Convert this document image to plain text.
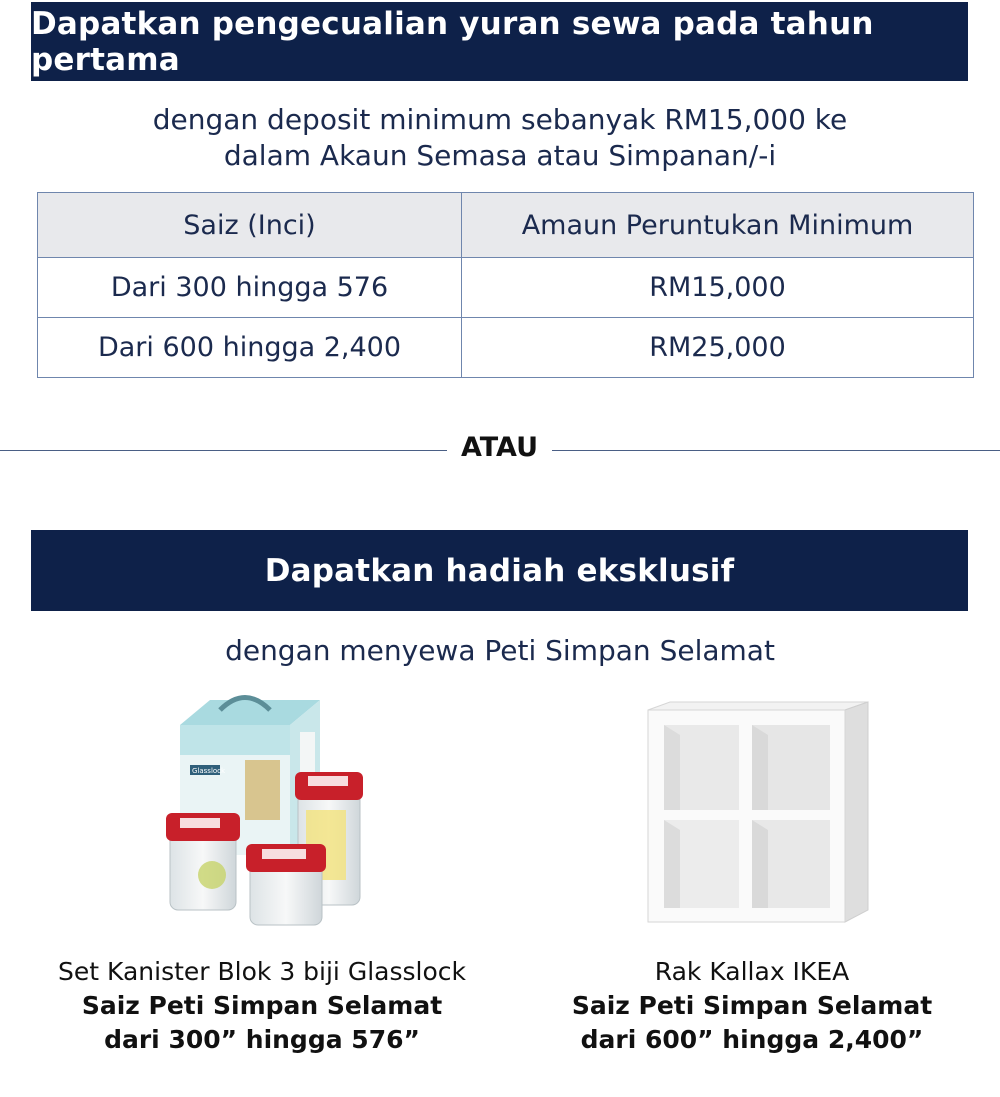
Dapatkan pengecualian yuran sewa pada tahun pertama
dengan deposit minimum sebanyak RM15,000 ke
dalam Akaun Semasa atau Simpanan/-i
Saiz (Inci)	Amaun Peruntukan Minimum
Dari 300 hingga 576	RM15,000
Dari 600 hingga 2,400	RM25,000
ATAU
Dapatkan hadiah eksklusif
dengan menyewa Peti Simpan Selamat
Glasslock
Set Kanister Blok 3 biji Glasslock
Saiz Peti Simpan Selamat
dari 300” hingga 576”
Rak Kallax IKEA
Saiz Peti Simpan Selamat
dari 600” hingga 2,400”
